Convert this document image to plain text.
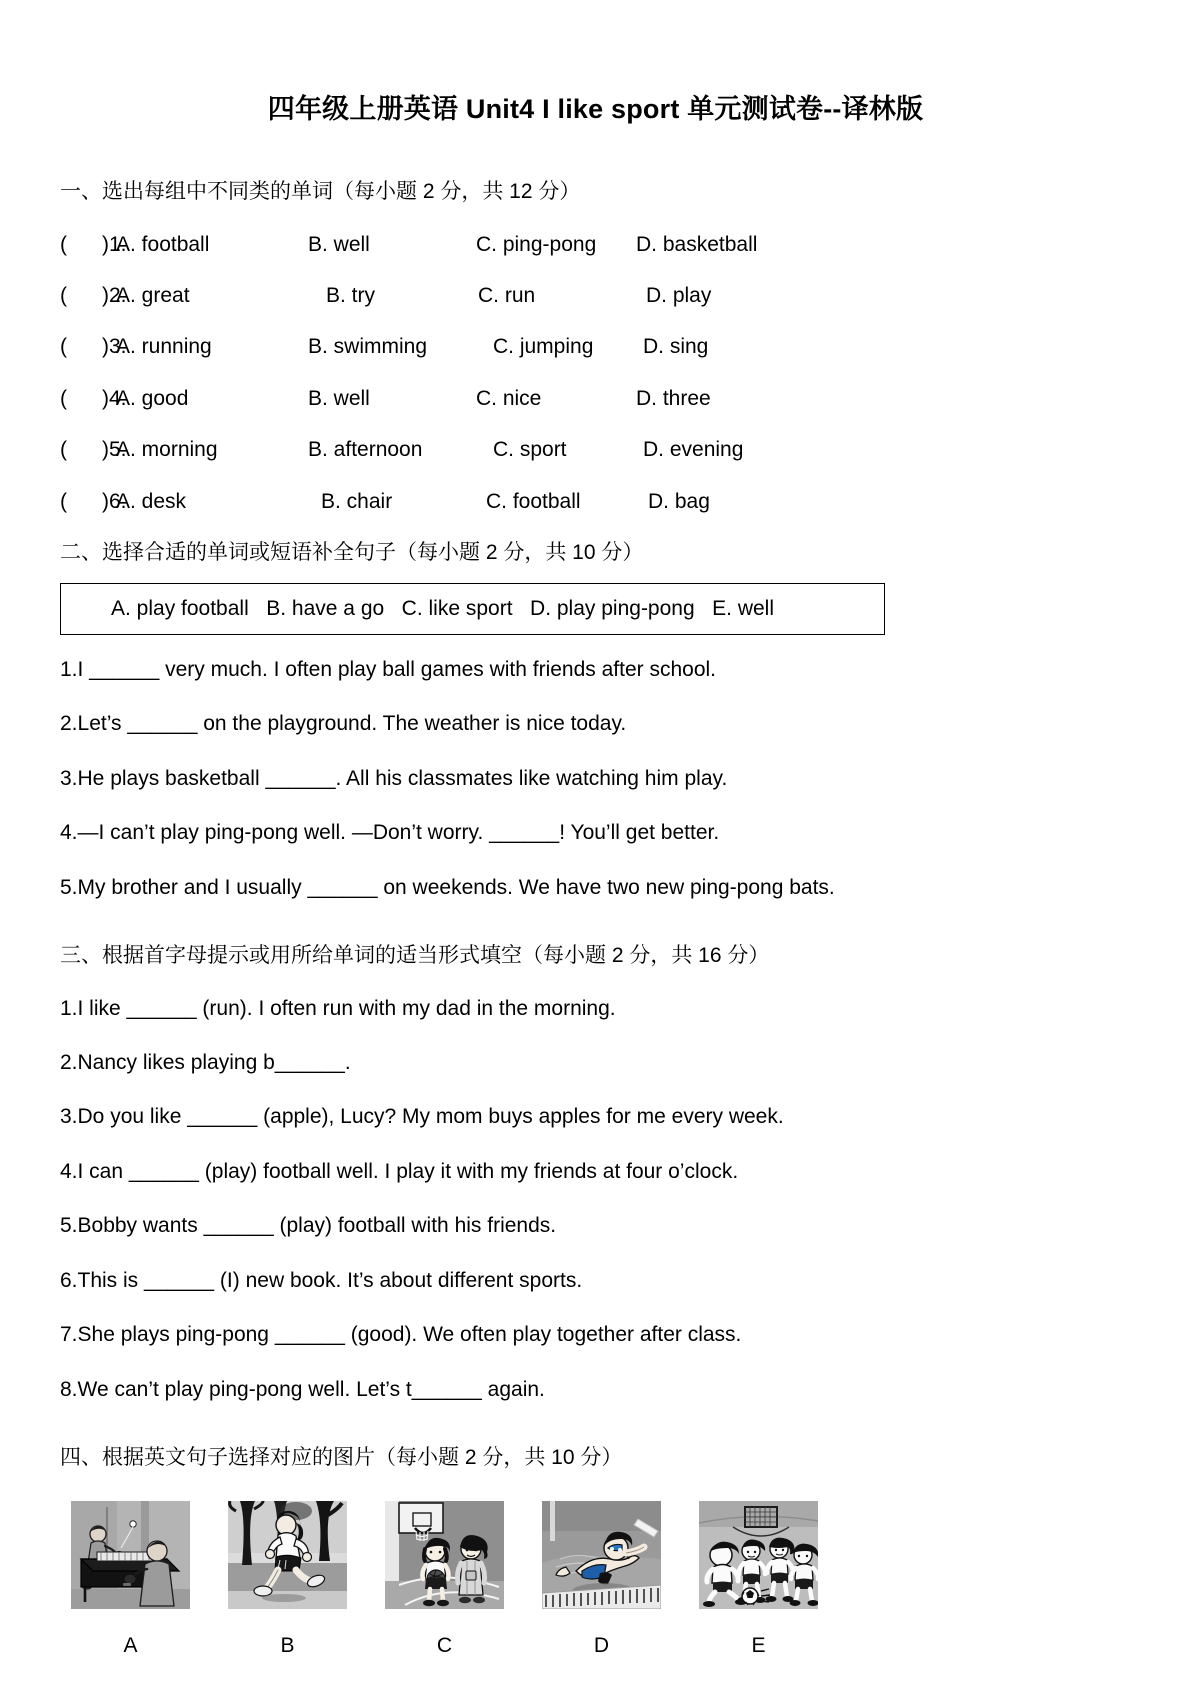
四年级上册英语 Unit4 I like sport 单元测试卷--译林版
一、选出每组中不同类的单词（每小题 2 分，共 12 分）
(      )1.
A. football	B. well	C. ping-pong	D. basketball
(      )2.
A. great	B. try	C. run	D. play
(      )3.
A. running	B. swimming	C. jumping	D. sing
(      )4.
A. good	B. well	C. nice	D. three
(      )5.
A. morning	B. afternoon	C. sport	D. evening
(      )6.
A. desk	B. chair	C. football	D. bag
二、选择合适的单词或短语补全句子（每小题 2 分，共 10 分）
A. play football   B. have a go   C. like sport   D. play ping-pong   E. well
1.I ______ very much. I often play ball games with friends after school.
2.Let’s ______ on the playground. The weather is nice today.
3.He plays basketball ______. All his classmates like watching him play.
4.—I can’t play ping-pong well. —Don’t worry. ______! You’ll get better.
5.My brother and I usually ______ on weekends. We have two new ping-pong bats.
三、根据首字母提示或用所给单词的适当形式填空（每小题 2 分，共 16 分）
1.I like ______ (run). I often run with my dad in the morning.
2.Nancy likes playing b______.
3.Do you like ______ (apple), Lucy? My mom buys apples for me every week.
4.I can ______ (play) football well. I play it with my friends at four o’clock.
5.Bobby wants ______ (play) football with his friends.
6.This is ______ (I) new book. It’s about different sports.
7.She plays ping-pong ______ (good). We often play together after class.
8.We can’t play ping-pong well. Let’s t______ again.
四、根据英文句子选择对应的图片（每小题 2 分，共 10 分）
A	B	C	D	E
